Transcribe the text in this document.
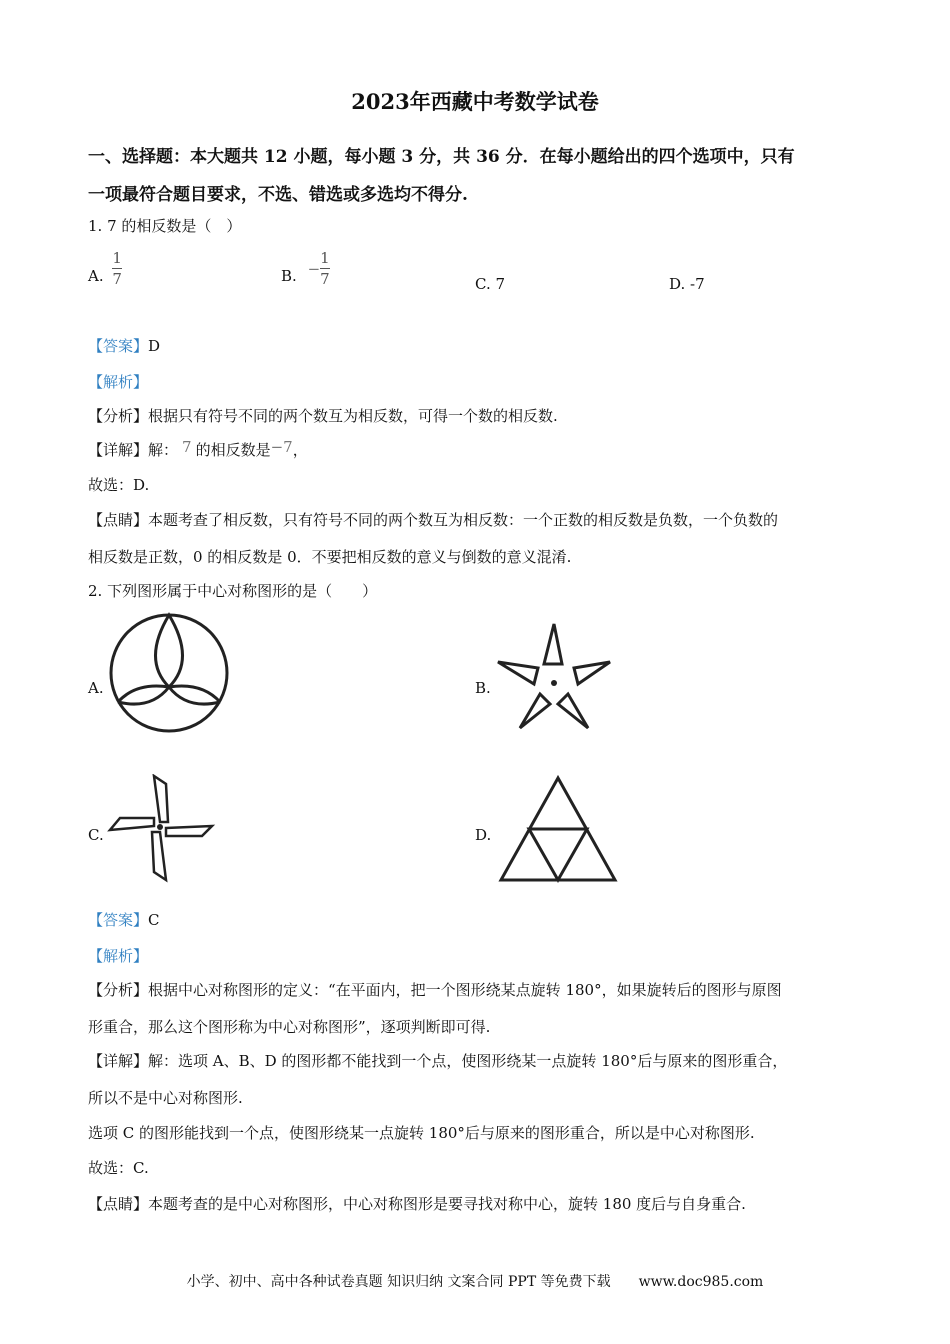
2023年西藏中考数学试卷
一、选择题：本大题共 12 小题，每小题 3 分，共 36 分．在每小题给出的四个选项中，只有
一项最符合题目要求，不选、错选或多选均不得分.
1. 7 的相反数是（　）
A. $\frac{1}{7}$	B. − $\frac{1}{7}$	C. 7	D. -7
【答案】D
【解析】
【分析】根据只有符号不同的两个数互为相反数，可得一个数的相反数.
【详解】解： 7 的相反数是−7，
故选：D.
【点睛】本题考查了相反数，只有符号不同的两个数互为相反数：一个正数的相反数是负数，一个负数的
相反数是正数，0 的相反数是 0．不要把相反数的意义与倒数的意义混淆.
2. 下列图形属于中心对称图形的是（　　）
A.	B.
C.	D.
【答案】C
【解析】
【分析】根据中心对称图形的定义：“在平面内，把一个图形绕某点旋转 180°，如果旋转后的图形与原图
形重合，那么这个图形称为中心对称图形”，逐项判断即可得.
【详解】解：选项 A、B、D 的图形都不能找到一个点，使图形绕某一点旋转 180°后与原来的图形重合，
所以不是中心对称图形.
选项 C 的图形能找到一个点，使图形绕某一点旋转 180°后与原来的图形重合，所以是中心对称图形.
故选：C.
【点睛】本题考查的是中心对称图形，中心对称图形是要寻找对称中心，旋转 180 度后与自身重合.
小学、初中、高中各种试卷真题 知识归纳 文案合同 PPT 等免费下载　　www.doc985.com
